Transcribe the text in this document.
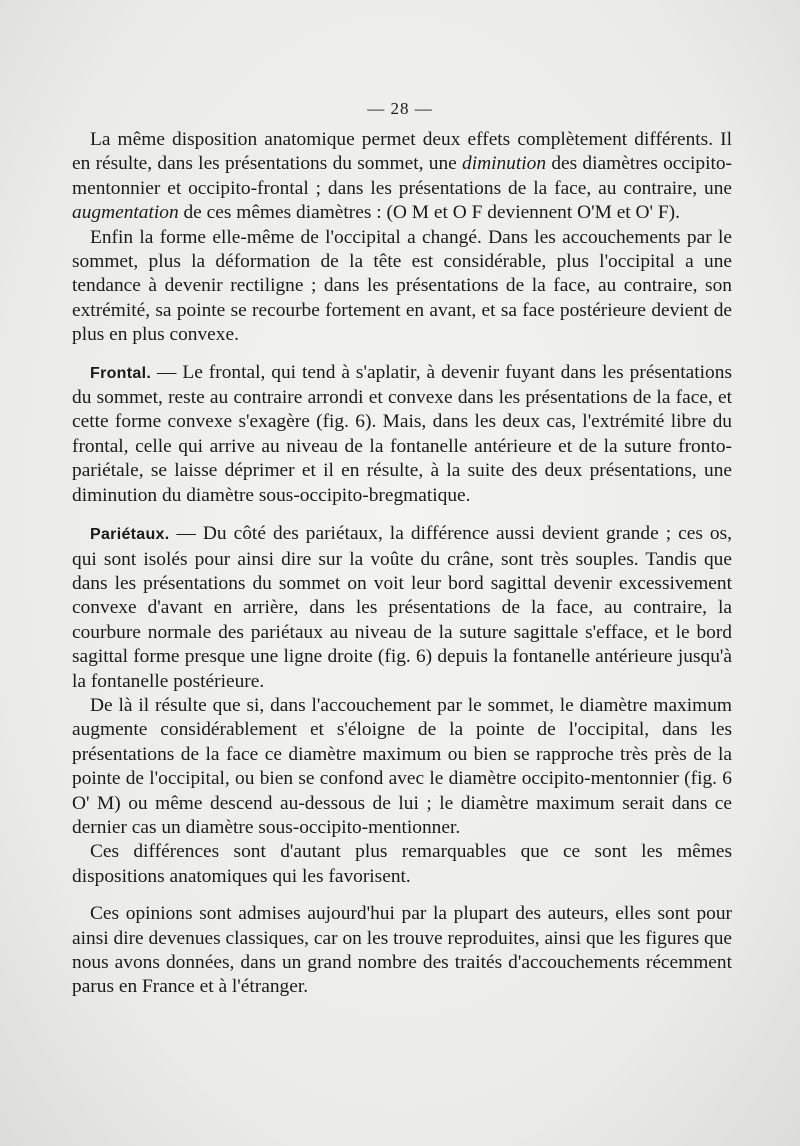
— 28 —

La même disposition anatomique permet deux effets complètement différents. Il en résulte, dans les présentations du sommet, une diminution des diamètres occipito-mentonnier et occipito-frontal ; dans les présentations de la face, au contraire, une augmentation de ces mêmes diamètres : (O M et O F deviennent O'M et O' F).

Enfin la forme elle-même de l'occipital a changé. Dans les accouchements par le sommet, plus la déformation de la tête est considérable, plus l'occipital a une tendance à devenir rectiligne ; dans les présentations de la face, au contraire, son extrémité, sa pointe se recourbe fortement en avant, et sa face postérieure devient de plus en plus convexe.

Frontal. — Le frontal, qui tend à s'aplatir, à devenir fuyant dans les présentations du sommet, reste au contraire arrondi et convexe dans les présentations de la face, et cette forme convexe s'exagère (fig. 6). Mais, dans les deux cas, l'extrémité libre du frontal, celle qui arrive au niveau de la fontanelle antérieure et de la suture fronto-pariétale, se laisse déprimer et il en résulte, à la suite des deux présentations, une diminution du diamètre sous-occipito-bregmatique.

Pariétaux. — Du côté des pariétaux, la différence aussi devient grande ; ces os, qui sont isolés pour ainsi dire sur la voûte du crâne, sont très souples. Tandis que dans les présentations du sommet on voit leur bord sagittal devenir excessivement convexe d'avant en arrière, dans les présentations de la face, au contraire, la courbure normale des pariétaux au niveau de la suture sagittale s'efface, et le bord sagittal forme presque une ligne droite (fig. 6) depuis la fontanelle antérieure jusqu'à la fontanelle postérieure.

De là il résulte que si, dans l'accouchement par le sommet, le diamètre maximum augmente considérablement et s'éloigne de la pointe de l'occipital, dans les présentations de la face ce diamètre maximum ou bien se rapproche très près de la pointe de l'occipital, ou bien se confond avec le diamètre occipito-mentonnier (fig. 6 O' M) ou même descend au-dessous de lui ; le diamètre maximum serait dans ce dernier cas un diamètre sous-occipito-mentionner.

Ces différences sont d'autant plus remarquables que ce sont les mêmes dispositions anatomiques qui les favorisent.

Ces opinions sont admises aujourd'hui par la plupart des auteurs, elles sont pour ainsi dire devenues classiques, car on les trouve reproduites, ainsi que les figures que nous avons données, dans un grand nombre des traités d'accouchements récemment parus en France et à l'étranger.
